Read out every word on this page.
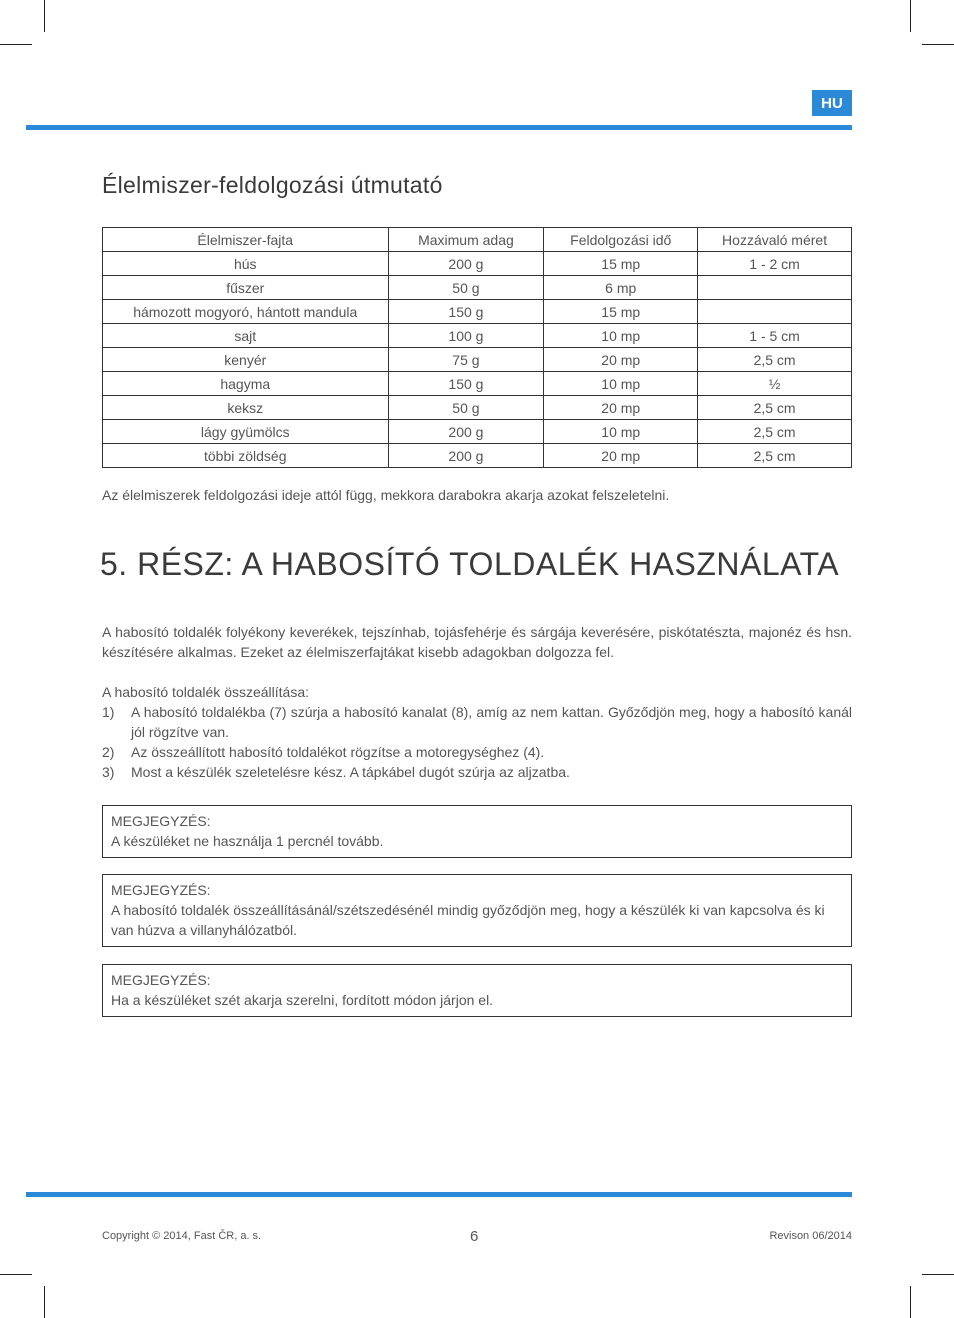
HU
Élelmiszer-feldolgozási útmutató
Élelmiszer-fajta	Maximum adag	Feldolgozási idő	Hozzávaló méret
hús	200 g	15 mp	1 - 2 cm
fűszer	50 g	6 mp	
hámozott mogyoró, hántott mandula	150 g	15 mp	
sajt	100 g	10 mp	1 - 5 cm
kenyér	75 g	20 mp	2,5 cm
hagyma	150 g	10 mp	½
keksz	50 g	20 mp	2,5 cm
lágy gyümölcs	200 g	10 mp	2,5 cm
többi zöldség	200 g	20 mp	2,5 cm
Az élelmiszerek feldolgozási ideje attól függ, mekkora darabokra akarja azokat felszeletelni.
5. RÉSZ: A HABOSÍTÓ TOLDALÉK HASZNÁLATA
A habosító toldalék folyékony keverékek, tejszínhab, tojásfehérje és sárgája keverésére, piskótatészta, majonéz és hsn. készítésére alkalmas. Ezeket az élelmiszerfajtákat kisebb adagokban dolgozza fel.
A habosító toldalék összeállítása:
1)	A habosító toldalékba (7) szúrja a habosító kanalat (8), amíg az nem kattan. Győződjön meg, hogy a habosító kanál jól rögzítve van.
2)	Az összeállított habosító toldalékot rögzítse a motoregységhez (4).
3)	Most a készülék szeletelésre kész. A tápkábel dugót szúrja az aljzatba.
MEGJEGYZÉS:
A készüléket ne használja 1 percnél tovább.
MEGJEGYZÉS:
A habosító toldalék összeállításánál/szétszedésénél mindig győződjön meg, hogy a készülék ki van kapcsolva és ki van húzva a villanyhálózatból.
MEGJEGYZÉS:
Ha a készüléket szét akarja szerelni, fordított módon járjon el.
Copyright © 2014, Fast ČR, a. s.	6	Revison 06/2014
